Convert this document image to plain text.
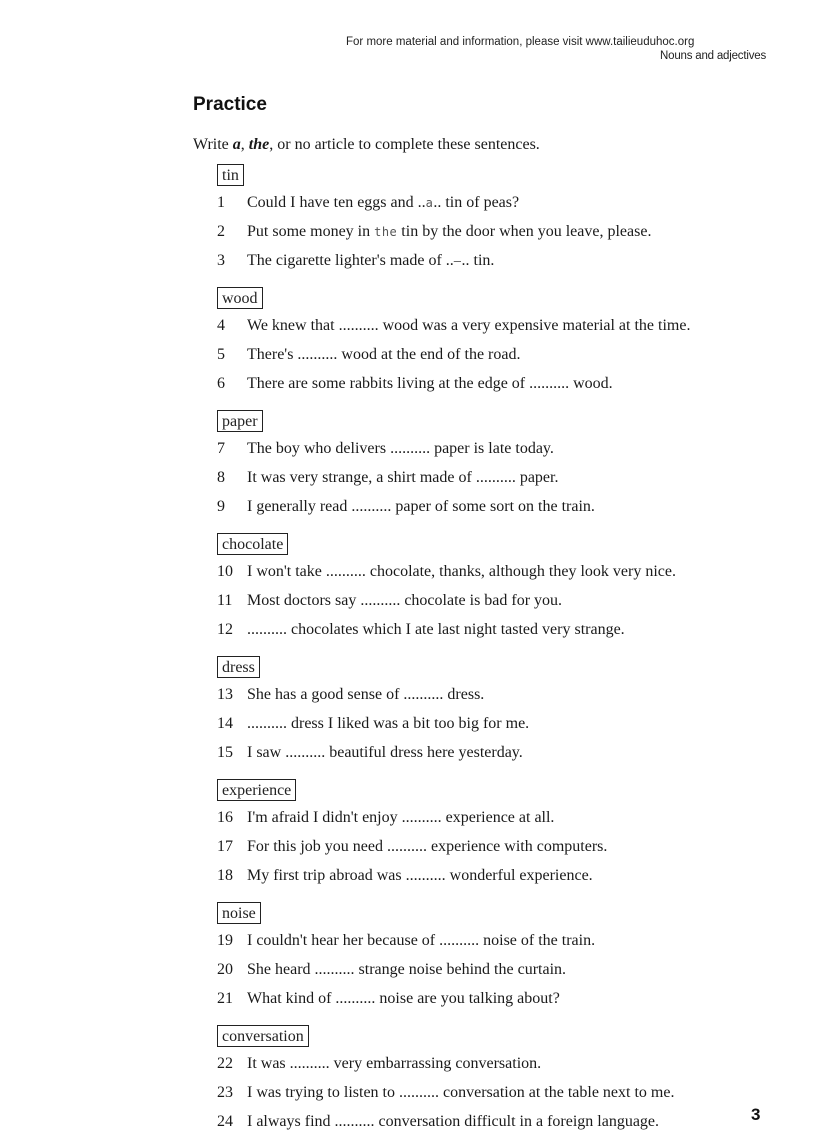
For more material and information, please visit www.tailieuduhoc.org
Nouns and adjectives
Practice
Write a, the, or no article to complete these sentences.
tin
1 Could I have ten eggs and ..a.. tin of peas?
2 Put some money in the tin by the door when you leave, please.
3 The cigarette lighter's made of ..–.. tin.
wood
4 We knew that .......... wood was a very expensive material at the time.
5 There's .......... wood at the end of the road.
6 There are some rabbits living at the edge of .......... wood.
paper
7 The boy who delivers .......... paper is late today.
8 It was very strange, a shirt made of .......... paper.
9 I generally read .......... paper of some sort on the train.
chocolate
10 I won't take .......... chocolate, thanks, although they look very nice.
11 Most doctors say .......... chocolate is bad for you.
12 .......... chocolates which I ate last night tasted very strange.
dress
13 She has a good sense of .......... dress.
14 .......... dress I liked was a bit too big for me.
15 I saw .......... beautiful dress here yesterday.
experience
16 I'm afraid I didn't enjoy .......... experience at all.
17 For this job you need .......... experience with computers.
18 My first trip abroad was .......... wonderful experience.
noise
19 I couldn't hear her because of .......... noise of the train.
20 She heard .......... strange noise behind the curtain.
21 What kind of .......... noise are you talking about?
conversation
22 It was .......... very embarrassing conversation.
23 I was trying to listen to .......... conversation at the table next to me.
24 I always find .......... conversation difficult in a foreign language.	3
